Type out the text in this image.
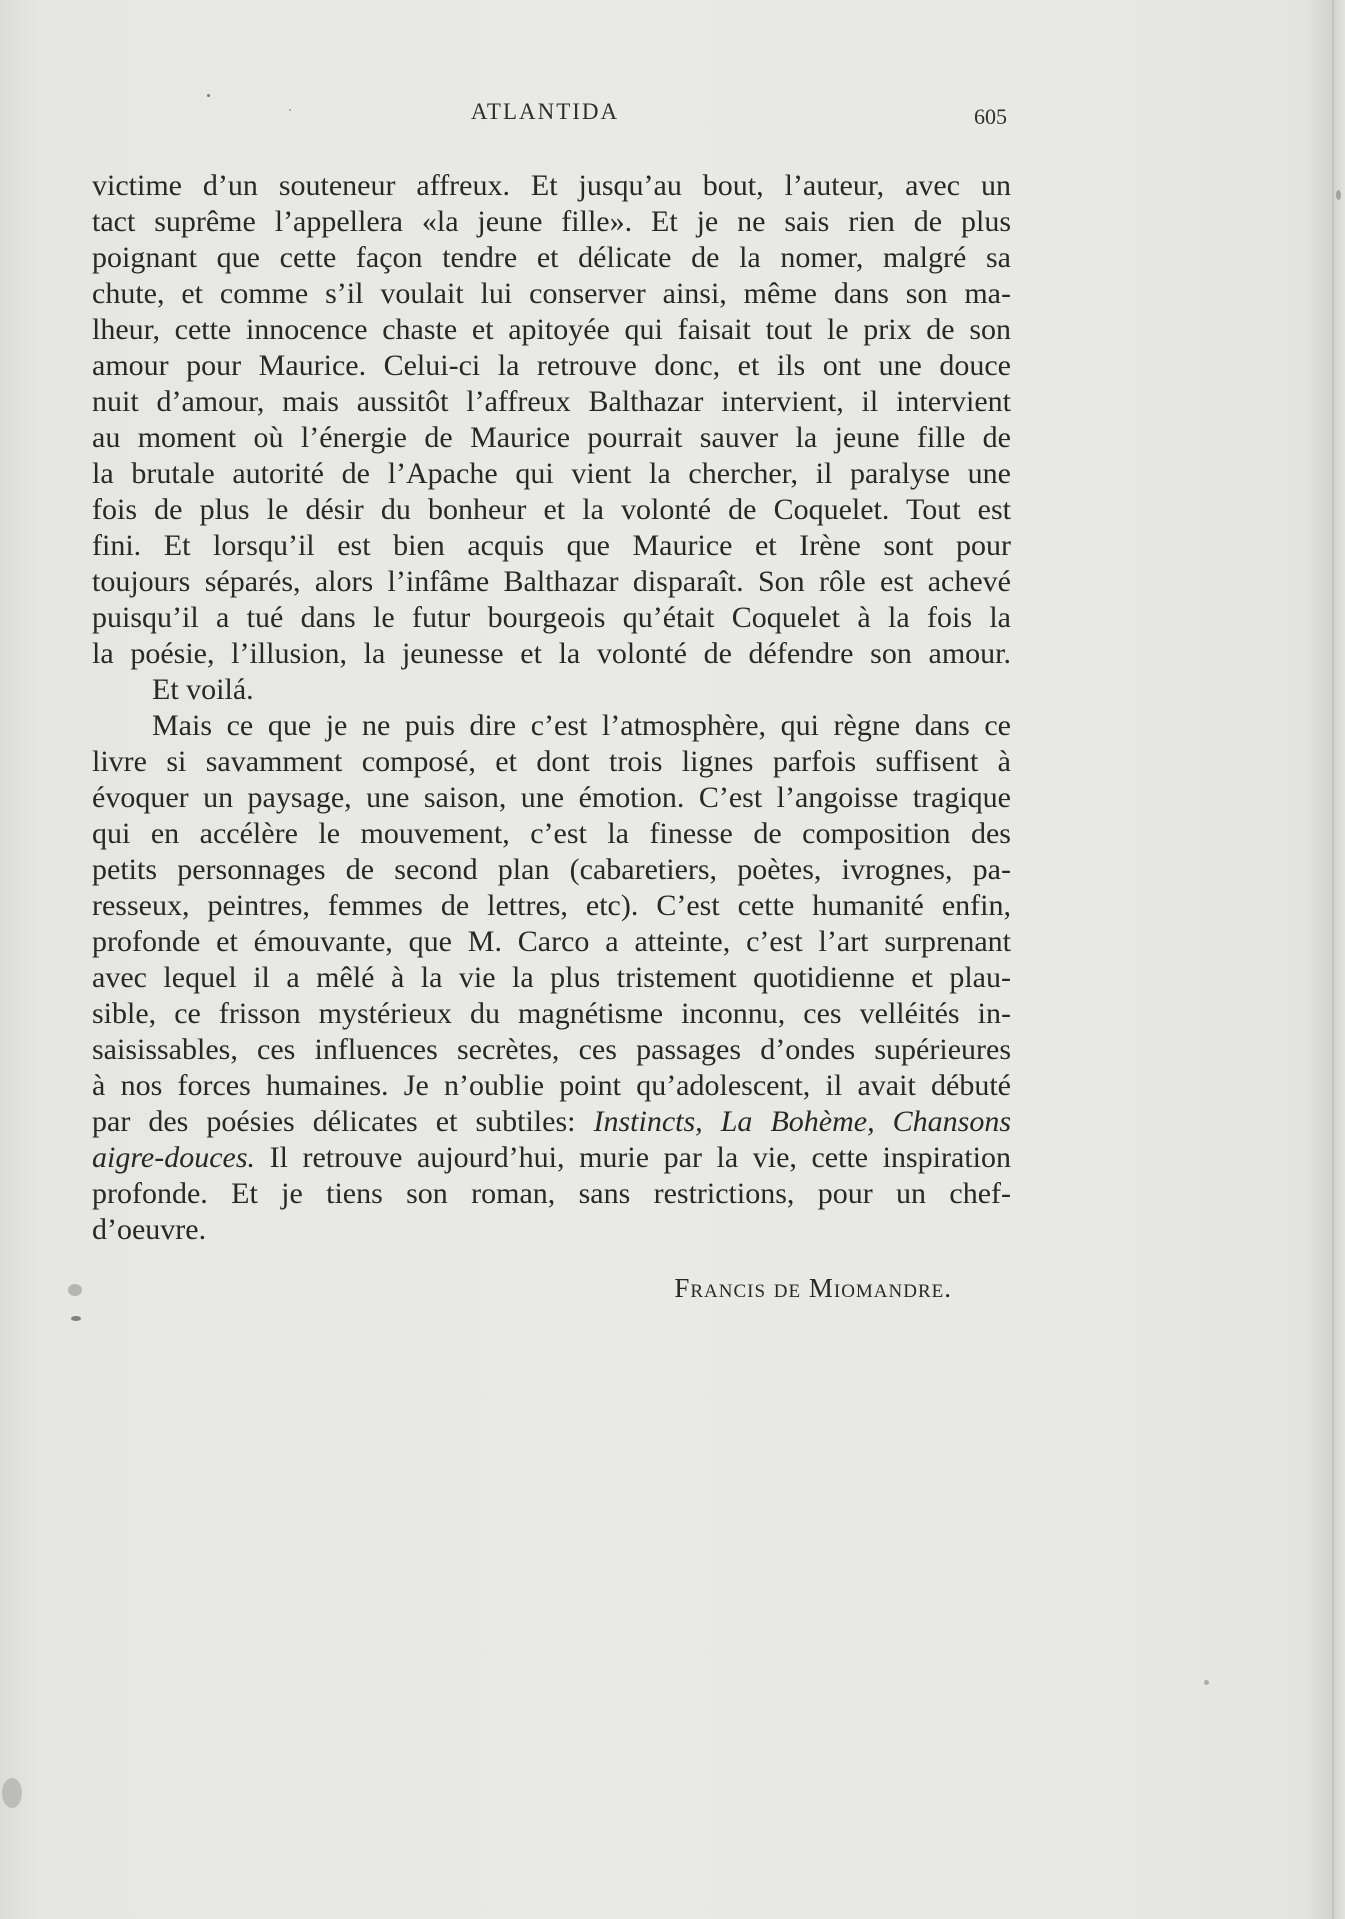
ATLANTIDA	605
victime d’un souteneur affreux. Et jusqu’au bout, l’auteur, avec un
tact suprême l’appellera «la jeune fille». Et je ne sais rien de plus
poignant que cette façon tendre et délicate de la nomer, malgré sa
chute, et comme s’il voulait lui conserver ainsi, même dans son ma-
lheur, cette innocence chaste et apitoyée qui faisait tout le prix de son
amour pour Maurice. Celui-ci la retrouve donc, et ils ont une douce
nuit d’amour, mais aussitôt l’affreux Balthazar intervient, il intervient
au moment où l’énergie de Maurice pourrait sauver la jeune fille de
la brutale autorité de l’Apache qui vient la chercher, il paralyse une
fois de plus le désir du bonheur et la volonté de Coquelet. Tout est
fini. Et lorsqu’il est bien acquis que Maurice et Irène sont pour
toujours séparés, alors l’infâme Balthazar disparaît. Son rôle est achevé
puisqu’il a tué dans le futur bourgeois qu’était Coquelet à la fois la
la poésie, l’illusion, la jeunesse et la volonté de défendre son amour.
Et voilá.
Mais ce que je ne puis dire c’est l’atmosphère, qui règne dans ce
livre si savamment composé, et dont trois lignes parfois suffisent à
évoquer un paysage, une saison, une émotion. C’est l’angoisse tragique
qui en accélère le mouvement, c’est la finesse de composition des
petits personnages de second plan (cabaretiers, poètes, ivrognes, pa-
resseux, peintres, femmes de lettres, etc). C’est cette humanité enfin,
profonde et émouvante, que M. Carco a atteinte, c’est l’art surprenant
avec lequel il a mêlé à la vie la plus tristement quotidienne et plau-
sible, ce frisson mystérieux du magnétisme inconnu, ces velléités in-
saisissables, ces influences secrètes, ces passages d’ondes supérieures
à nos forces humaines. Je n’oublie point qu’adolescent, il avait débuté
par des poésies délicates et subtiles: Instincts, La Bohème, Chansons
aigre-douces. Il retrouve aujourd’hui, murie par la vie, cette inspiration
profonde. Et je tiens son roman, sans restrictions, pour un chef-
d’oeuvre.
Francis de Miomandre.
